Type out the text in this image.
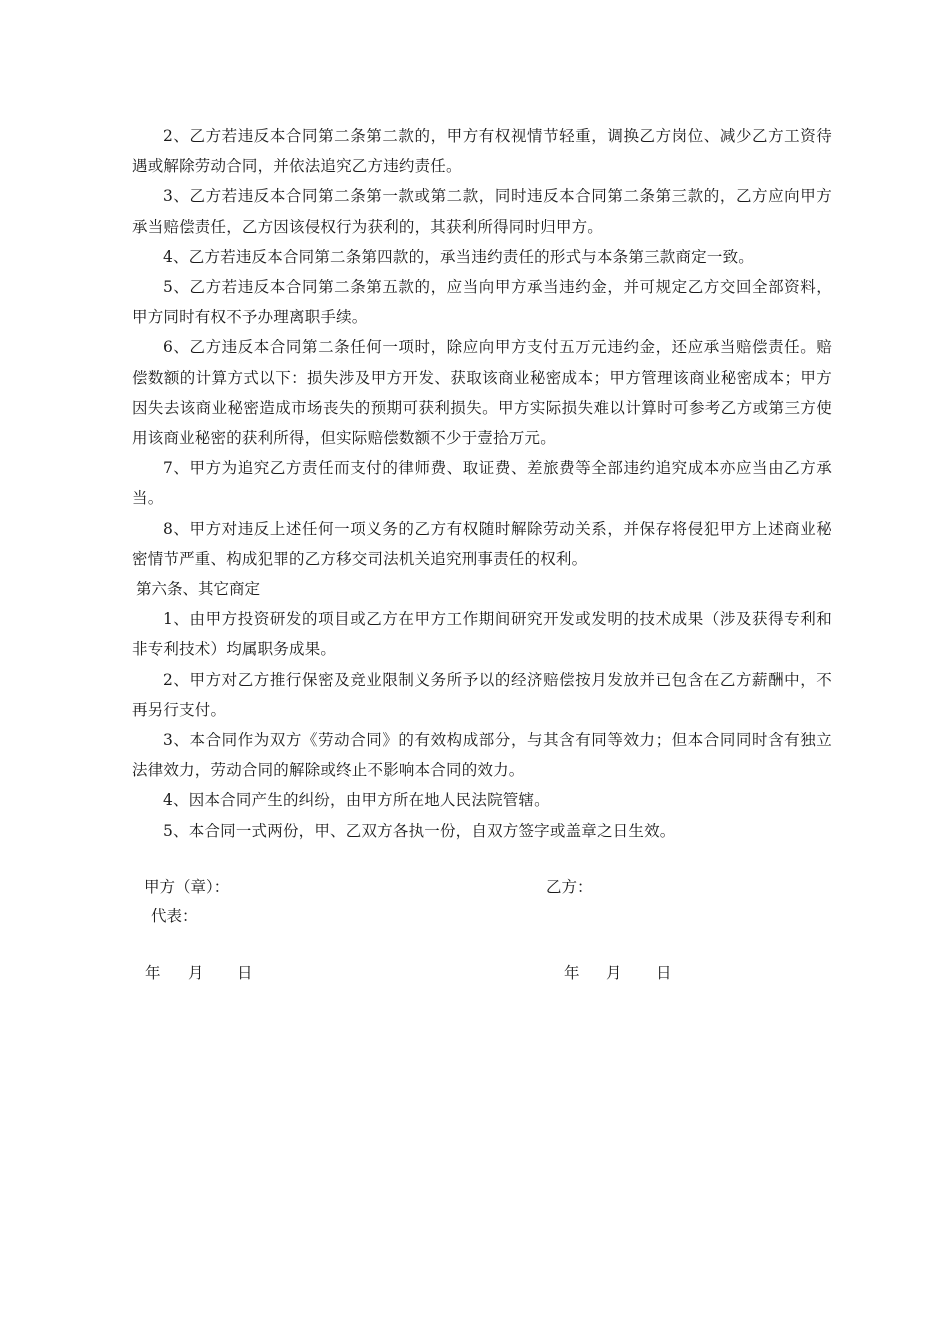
2、乙方若违反本合同第二条第二款的，甲方有权视情节轻重，调换乙方岗位、减少乙方工资待遇或解除劳动合同，并依法追究乙方违约责任。

3、乙方若违反本合同第二条第一款或第二款，同时违反本合同第二条第三款的，乙方应向甲方承当赔偿责任，乙方因该侵权行为获利的，其获利所得同时归甲方。

4、乙方若违反本合同第二条第四款的，承当违约责任的形式与本条第三款商定一致。

5、乙方若违反本合同第二条第五款的，应当向甲方承当违约金，并可规定乙方交回全部资料，甲方同时有权不予办理离职手续。

6、乙方违反本合同第二条任何一项时，除应向甲方支付五万元违约金，还应承当赔偿责任。赔偿数额的计算方式以下：损失涉及甲方开发、获取该商业秘密成本；甲方管理该商业秘密成本；甲方因失去该商业秘密造成市场丧失的预期可获利损失。甲方实际损失难以计算时可参考乙方或第三方使用该商业秘密的获利所得，但实际赔偿数额不少于壹拾万元。

7、甲方为追究乙方责任而支付的律师费、取证费、差旅费等全部违约追究成本亦应当由乙方承当。

8、甲方对违反上述任何一项义务的乙方有权随时解除劳动关系，并保存将侵犯甲方上述商业秘密情节严重、构成犯罪的乙方移交司法机关追究刑事责任的权利。

第六条、其它商定

1、由甲方投资研发的项目或乙方在甲方工作期间研究开发或发明的技术成果（涉及获得专利和非专利技术）均属职务成果。

2、甲方对乙方推行保密及竞业限制义务所予以的经济赔偿按月发放并已包含在乙方薪酬中，不再另行支付。

3、本合同作为双方《劳动合同》的有效构成部分，与其含有同等效力；但本合同同时含有独立法律效力，劳动合同的解除或终止不影响本合同的效力。

4、因本合同产生的纠纷，由甲方所在地人民法院管辖。

5、本合同一式两份，甲、乙双方各执一份，自双方签字或盖章之日生效。

甲方（章）：	乙方：
代表：
年 月 日	年 月 日
